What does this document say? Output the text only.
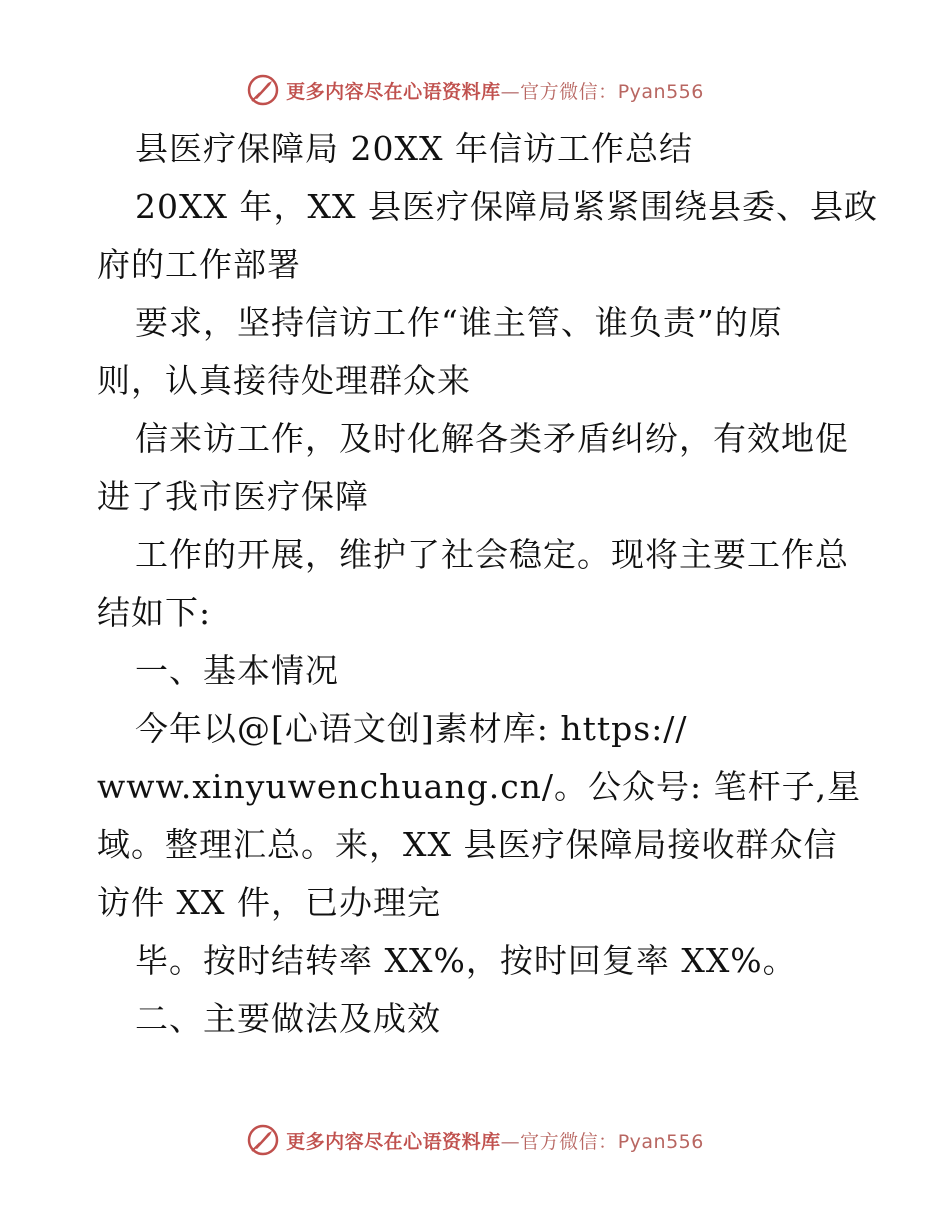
更多内容尽在心语资料库—官方微信：Pyan556
县医疗保障局 20XX 年信访工作总结
20XX 年，XX 县医疗保障局紧紧围绕县委、县政
府的工作部署
要求，坚持信访工作“谁主管、谁负责”的原
则，认真接待处理群众来
信来访工作，及时化解各类矛盾纠纷，有效地促
进了我市医疗保障
工作的开展，维护了社会稳定。现将主要工作总
结如下:
一、基本情况
今年以@[心语文创]素材库: https://
www.xinyuwenchuang.cn/。公众号: 笔杆子,星
域。整理汇总。来，XX 县医疗保障局接收群众信
访件 XX 件，已办理完
毕。按时结转率 XX%，按时回复率 XX%。
二、主要做法及成效
更多内容尽在心语资料库—官方微信：Pyan556
